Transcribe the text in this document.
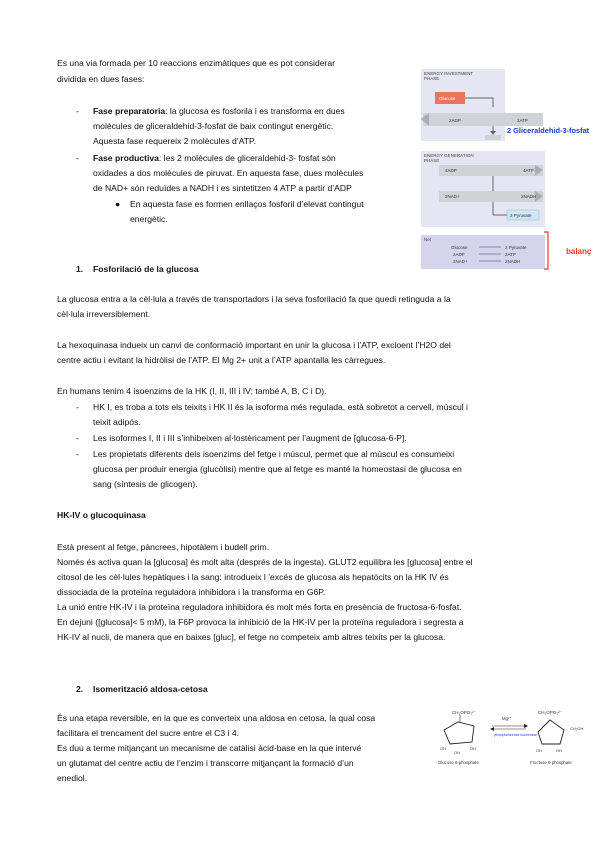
Es una via formada per 10 reaccions enzimàtiques que es pot considerar
dividida en dues fases:
- Fase preparatoria: la glucosa es fosforila i es transforma en dues
molècules de gliceraldehid-3-fosfat de baix contingut energètic.
Aquesta fase requereix 2 molècules d’ATP.
- Fase productiva: les 2 molècules de gliceraldehid-3- fosfat són
oxidades a dos molècules de piruvat. En aquesta fase, dues molècules
de NAD+ són reduïdes a NADH i es sintetitzen 4 ATP a partir d’ADP
● En aquesta fase es formen enllaços fosforil d’elevat contingut
energètic.
1. Fosforilació de la glucosa
La glucosa entra a la cèl·lula a través de transportadors i la seva fosforilació fa que quedi retinguda a la
cèl·lula irreversiblement.
La hexoquinasa indueix un canvi de conformació important en unir la glucosa i l’ATP, excloent l’H2O del
centre actiu i evitant la hidròlisi de l’ATP. El Mg 2+ unit a l’ATP apantalla les càrregues.
En humans tenim 4 isoenzims de la HK (I, II, III i IV; també A, B, C i D).
- HK I, es troba a tots els teixits i HK II és la isoforma més regulada, està sobretot a cervell, múscul i
teixit adipós.
- Les isoformes I, II i III s’inhibeixen al·lostèricament per l’augment de [glucosa-6-P].
- Les propietats diferents dels isoenzims del fetge i múscul, permet que al múscul es consumeixi
glucosa per produir energia (glucòlisi) mentre que al fetge es manté la homeostasi de glucosa en
sang (síntesis de glicogen).
HK-IV o glucoquinasa
Està present al fetge, pàncrees, hipotàlem i budell prim.
Només és activa quan la [glucosa] és molt alta (després de la ingesta). GLUT2 equilibra les [glucosa] entre el
citosol de les cèl·lules hepàtiques i la sang: introdueix l ’excés de glucosa als hepatòcits on la HK IV és
dissociada de la proteïna reguladora inhibidora i la transforma en G6P.
La unió entre HK-IV i la proteïna reguladora inhibidora és molt més forta en presència de fructosa-6-fosfat.
En dejuni ([glucosa]< 5 mM), la F6P provoca la inhibició de la HK-IV per la proteïna reguladora i segresta a
HK-IV al nucli, de manera que en baixes [gluc], el fetge no competeix amb altres teixits per la glucosa.
2. Isomerització aldosa-cetosa
És una etapa reversible, en la que es converteix una aldosa en cetosa, la qual cosa
facilitara el trencament del sucre entre el C3 i 4.
Es duu a terme mitjançant un mecanisme de catàlisi àcid-base en la que intervé
un glutamat del centre actiu de l’enzim i transcorre mitjançant la formació d’un
enediol.
ENERGY INVESTMENT
PHASE
Glucose
2ADP	2ATP
ENERGY GENERATION
PHASE
4ADP	4ATP
2NAD+	2NADH
2 Pyruvate
Net
Glucose	2 Pyruvate
2ADP	2ATP
2NAD+	2NADH
2 Gliceraldehid-3-fosfat
balanç
CH₂OPO₃²⁻
OH
OH
OH
Glucose 6-phosphate
Mg²⁺
phosphohexose isomerase
CH₂OPO₃²⁻
CH₂OH
OH	OH
Fructose 6-phosphate
